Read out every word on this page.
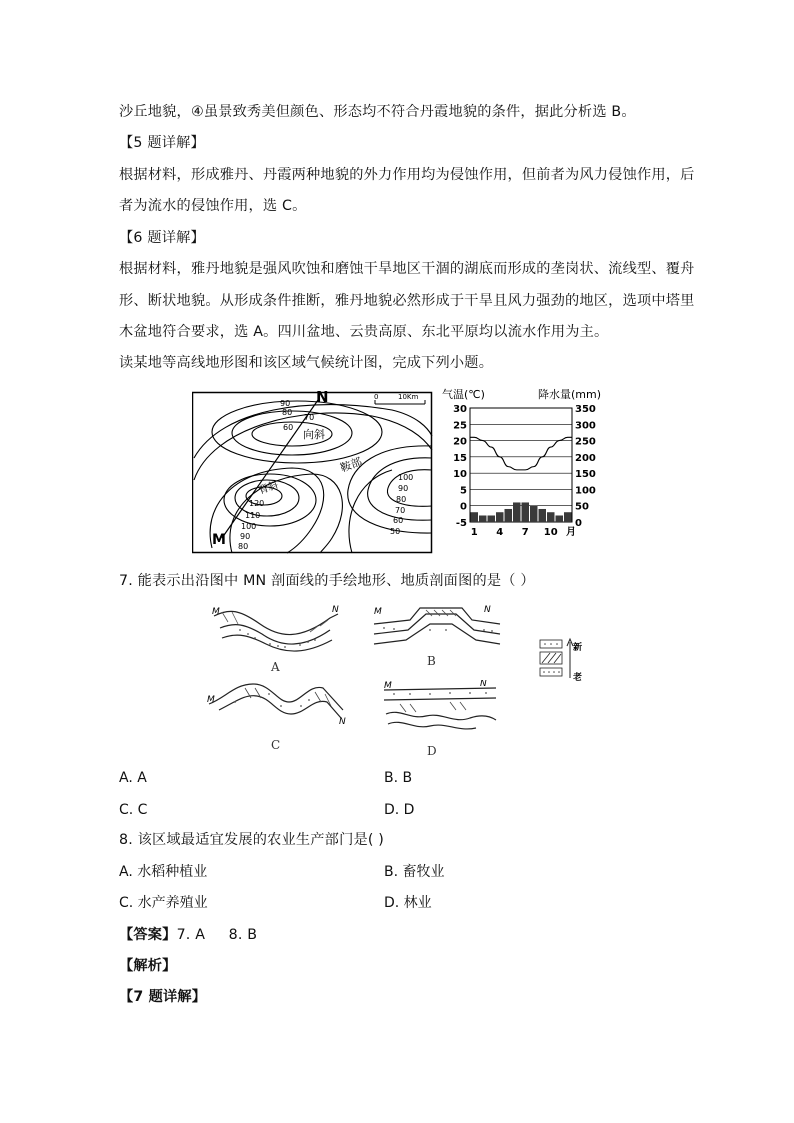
沙丘地貌，④虽景致秀美但颜色、形态均不符合丹霞地貌的条件，据此分析选 B。
【5 题详解】
根据材料，形成雅丹、丹霞两种地貌的外力作用均为侵蚀作用，但前者为风力侵蚀作用，后
者为流水的侵蚀作用，选 C。
【6 题详解】
根据材料，雅丹地貌是强风吹蚀和磨蚀干旱地区干涸的湖底而形成的垄岗状、流线型、覆舟
形、断状地貌。从形成条件推断，雅丹地貌必然形成于干旱且风力强劲的地区，选项中塔里
木盆地符合要求，选 A。四川盆地、云贵高原、东北平原均以流水作用为主。
读某地等高线地形图和该区域气候统计图，完成下列小题。
N
M
0	10Km
向斜
背斜
鞍部
90
80
70
60
100
90
80
70
60
50
120
110
100
90
80
气温(℃)	降水量(mm)
30
25
20
15
10
5
0
-5
350
300
250
200
150
100
50
0
1 4 7 10 月
7. 能表示出沿图中 MN 剖面线的手绘地形、地质剖面图的是（ ）
M	N
A
M	N
B
M
N
C
M	N
D
新
老
A. A	B. B
C. C	D. D
8. 该区域最适宜发展的农业生产部门是( )
A. 水稻种植业	B. 畜牧业
C. 水产养殖业	D. 林业
【答案】7. A     8. B
【解析】
【7 题详解】
